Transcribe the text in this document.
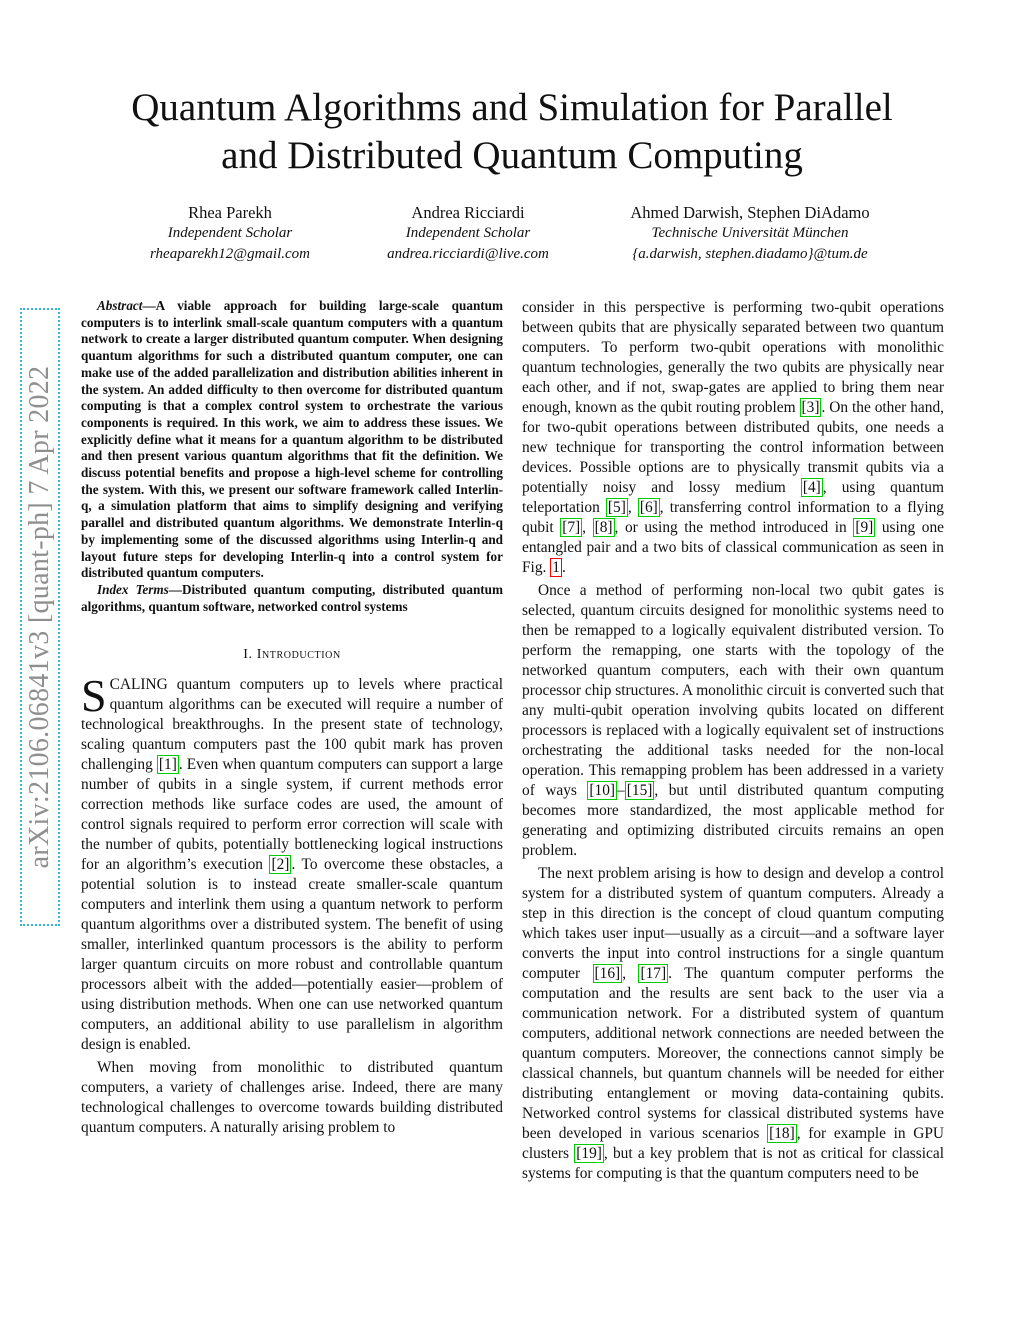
arXiv:2106.06841v3 [quant-ph] 7 Apr 2022
Quantum Algorithms and Simulation for Parallel
and Distributed Quantum Computing
Rhea Parekh
Independent Scholar
rheaparekh12@gmail.com
Andrea Ricciardi
Independent Scholar
andrea.ricciardi@live.com
Ahmed Darwish, Stephen DiAdamo
Technische Universität München
{a.darwish, stephen.diadamo}@tum.de

Abstract—A viable approach for building large-scale quantum computers is to interlink small-scale quantum computers with a quantum network to create a larger distributed quantum computer. When designing quantum algorithms for such a distributed quantum computer, one can make use of the added parallelization and distribution abilities inherent in the system. An added difficulty to then overcome for distributed quantum computing is that a complex control system to orchestrate the various components is required. In this work, we aim to address these issues. We explicitly define what it means for a quantum algorithm to be distributed and then present various quantum algorithms that fit the definition. We discuss potential benefits and propose a high-level scheme for controlling the system. With this, we present our software framework called Interlin-q, a simulation platform that aims to simplify designing and verifying parallel and distributed quantum algorithms. We demonstrate Interlin-q by implementing some of the discussed algorithms using Interlin-q and layout future steps for developing Interlin-q into a control system for distributed quantum computers.

Index Terms—Distributed quantum computing, distributed quantum algorithms, quantum software, networked control systems

I. Introduction

SCALING quantum computers up to levels where practical quantum algorithms can be executed will require a number of technological breakthroughs. In the present state of technology, scaling quantum computers past the 100 qubit mark has proven challenging [1] . Even when quantum computers can support a large number of qubits in a single system, if current methods error correction methods like surface codes are used, the amount of control signals required to perform error correction will scale with the number of qubits, potentially bottlenecking logical instructions for an algorithm’s execution [2] . To overcome these obstacles, a potential solution is to instead create smaller-scale quantum computers and interlink them using a quantum network to perform quantum algorithms over a distributed system. The benefit of using smaller, interlinked quantum processors is the ability to perform larger quantum circuits on more robust and controllable quantum processors albeit with the added—potentially easier—problem of using distribution methods. When one can use networked quantum computers, an additional ability to use parallelism in algorithm design is enabled.

When moving from monolithic to distributed quantum computers, a variety of challenges arise. Indeed, there are many technological challenges to overcome towards building distributed quantum computers. A naturally arising problem to

consider in this perspective is performing two-qubit operations between qubits that are physically separated between two quantum computers. To perform two-qubit operations with monolithic quantum technologies, generally the two qubits are physically near each other, and if not, swap-gates are applied to bring them near enough, known as the qubit routing problem [3] . On the other hand, for two-qubit operations between distributed qubits, one needs a new technique for transporting the control information between devices. Possible options are to physically transmit qubits via a potentially noisy and lossy medium [4] , using quantum teleportation [5] , [6] , transferring control information to a flying qubit [7] , [8] , or using the method introduced in [9] using one entangled pair and a two bits of classical communication as seen in Fig. 1 .

Once a method of performing non-local two qubit gates is selected, quantum circuits designed for monolithic systems need to then be remapped to a logically equivalent distributed version. To perform the remapping, one starts with the topology of the networked quantum computers, each with their own quantum processor chip structures. A monolithic circuit is converted such that any multi-qubit operation involving qubits located on different processors is replaced with a logically equivalent set of instructions orchestrating the additional tasks needed for the non-local operation. This remapping problem has been addressed in a variety of ways [10] – [15] , but until distributed quantum computing becomes more standardized, the most applicable method for generating and optimizing distributed circuits remains an open problem.

The next problem arising is how to design and develop a control system for a distributed system of quantum computers. Already a step in this direction is the concept of cloud quantum computing which takes user input—usually as a circuit—and a software layer converts the input into control instructions for a single quantum computer [16] , [17] . The quantum computer performs the computation and the results are sent back to the user via a communication network. For a distributed system of quantum computers, additional network connections are needed between the quantum computers. Moreover, the connections cannot simply be classical channels, but quantum channels will be needed for either distributing entanglement or moving data-containing qubits. Networked control systems for classical distributed systems have been developed in various scenarios [18] , for example in GPU clusters [19] , but a key problem that is not as critical for classical systems for computing is that the quantum computers need to be
